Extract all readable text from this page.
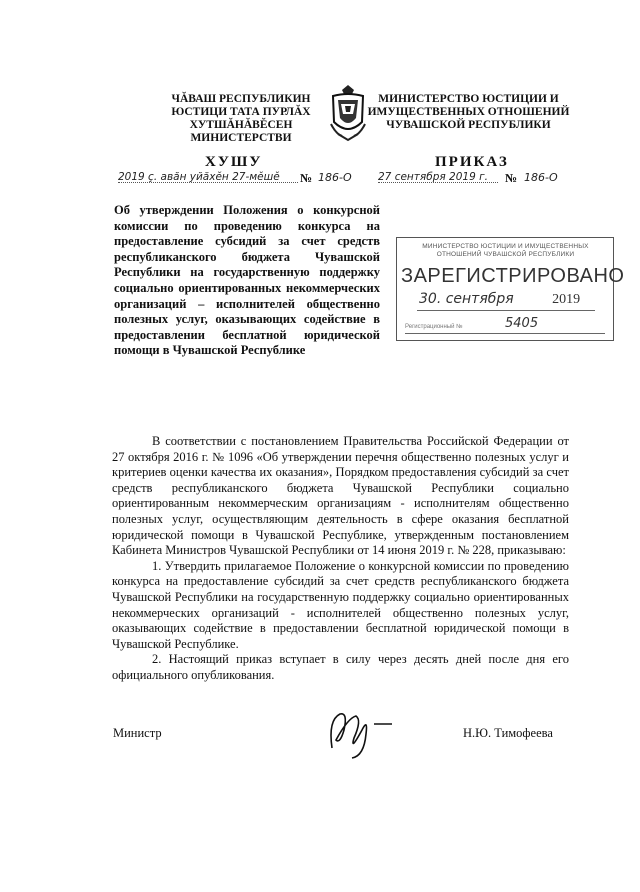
ЧĂВАШ РЕСПУБЛИКИН
ЮСТИЦИ ТАТА ПУРЛĂХ
ХУТШĂНĂВĔСЕН
МИНИСТЕРСТВИ
МИНИСТЕРСТВО ЮСТИЦИИ И
ИМУЩЕСТВЕННЫХ ОТНОШЕНИЙ
ЧУВАШСКОЙ РЕСПУБЛИКИ
ХУШУ	ПРИКАЗ
2019 ç. авăн уйăхĕн 27-мĕшĕ № 186-О	27 сентября 2019 г. № 186-О

Об утверждении Положения о конкурсной комиссии по проведению конкурса на предоставление субсидий за счет средств республиканского бюджета Чувашской Республики на государственную поддержку социально ориентированных некоммерческих организаций – исполнителей общественно полезных услуг, оказывающих содействие в предоставлении бесплатной юридической помощи в Чувашской Республике

МИНИСТЕРСТВО ЮСТИЦИИ И ИМУЩЕСТВЕННЫХ
ОТНОШЕНИЙ ЧУВАШСКОЙ РЕСПУБЛИКИ
ЗАРЕГИСТРИРОВАНО
30. сентября	2019
5405
Регистрационный №

В соответствии с постановлением Правительства Российской Федерации от 27 октября 2016 г. № 1096 «Об утверждении перечня общественно полезных услуг и критериев оценки качества их оказания», Порядком предоставления субсидий за счет средств республиканского бюджета Чувашской Республики социально ориентированным некоммерческим организациям - исполнителям общественно полезных услуг, осуществляющим деятельность в сфере оказания бесплатной юридической помощи в Чувашской Республике, утвержденным постановлением Кабинета Министров Чувашской Республики от 14 июня 2019 г. № 228, приказываю:

1. Утвердить прилагаемое Положение о конкурсной комиссии по проведению конкурса на предоставление субсидий за счет средств республиканского бюджета Чувашской Республики на государственную поддержку социально ориентированных некоммерческих организаций - исполнителей общественно полезных услуг, оказывающих содействие в предоставлении бесплатной юридической помощи в Чувашской Республике.

2. Настоящий приказ вступает в силу через десять дней после дня его официального опубликования.

Министр	Н.Ю. Тимофеева
